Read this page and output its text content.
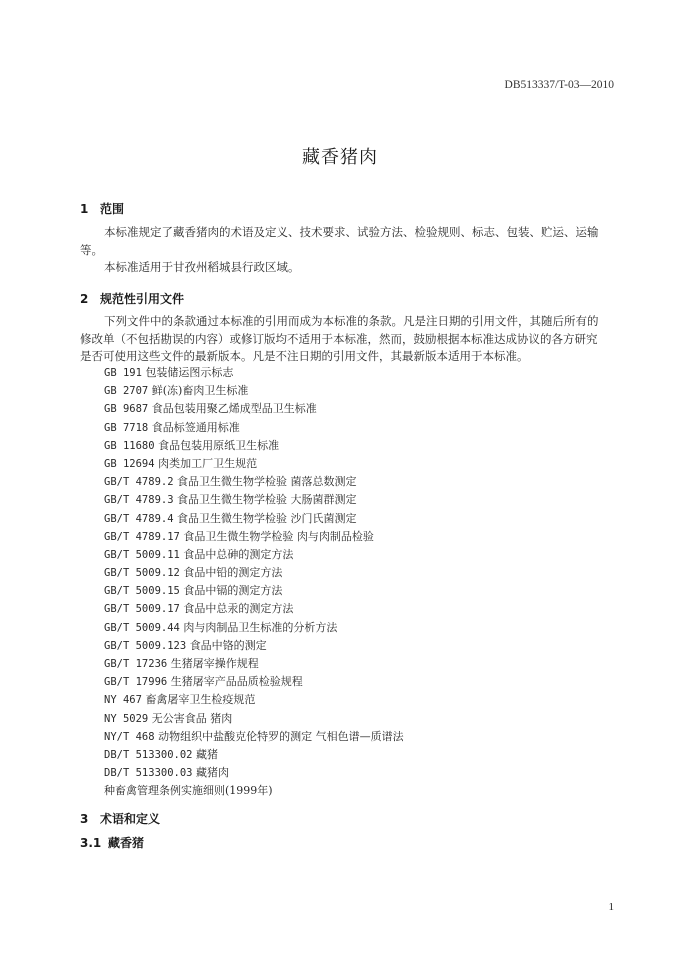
DB513337/T-03—2010
藏香猪肉
1 范围
本标准规定了藏香猪肉的术语及定义、技术要求、试验方法、检验规则、标志、包装、贮运、运输
等。
本标准适用于甘孜州稻城县行政区域。
2 规范性引用文件
下列文件中的条款通过本标准的引用而成为本标准的条款。凡是注日期的引用文件，其随后所有的
修改单（不包括勘误的内容）或修订版均不适用于本标准，然而，鼓励根据本标准达成协议的各方研究
是否可使用这些文件的最新版本。凡是不注日期的引用文件，其最新版本适用于本标准。
GB 191 包装储运图示标志
GB 2707 鲜(冻)畜肉卫生标准
GB 9687 食品包装用聚乙烯成型品卫生标准
GB 7718 食品标签通用标准
GB 11680 食品包装用原纸卫生标准
GB 12694 肉类加工厂卫生规范
GB/T 4789.2 食品卫生微生物学检验 菌落总数测定
GB/T 4789.3 食品卫生微生物学检验 大肠菌群测定
GB/T 4789.4 食品卫生微生物学检验 沙门氏菌测定
GB/T 4789.17 食品卫生微生物学检验 肉与肉制品检验
GB/T 5009.11 食品中总砷的测定方法
GB/T 5009.12 食品中铅的测定方法
GB/T 5009.15 食品中镉的测定方法
GB/T 5009.17 食品中总汞的测定方法
GB/T 5009.44 肉与肉制品卫生标准的分析方法
GB/T 5009.123 食品中铬的测定
GB/T 17236 生猪屠宰操作规程
GB/T 17996 生猪屠宰产品品质检验规程
NY 467 畜禽屠宰卫生检疫规范
NY 5029 无公害食品 猪肉
NY/T 468 动物组织中盐酸克伦特罗的测定 气相色谱—质谱法
DB/T 513300.02 藏猪
DB/T 513300.03 藏猪肉
种畜禽管理条例实施细则(1999年)
3 术语和定义
3.1 藏香猪
1
